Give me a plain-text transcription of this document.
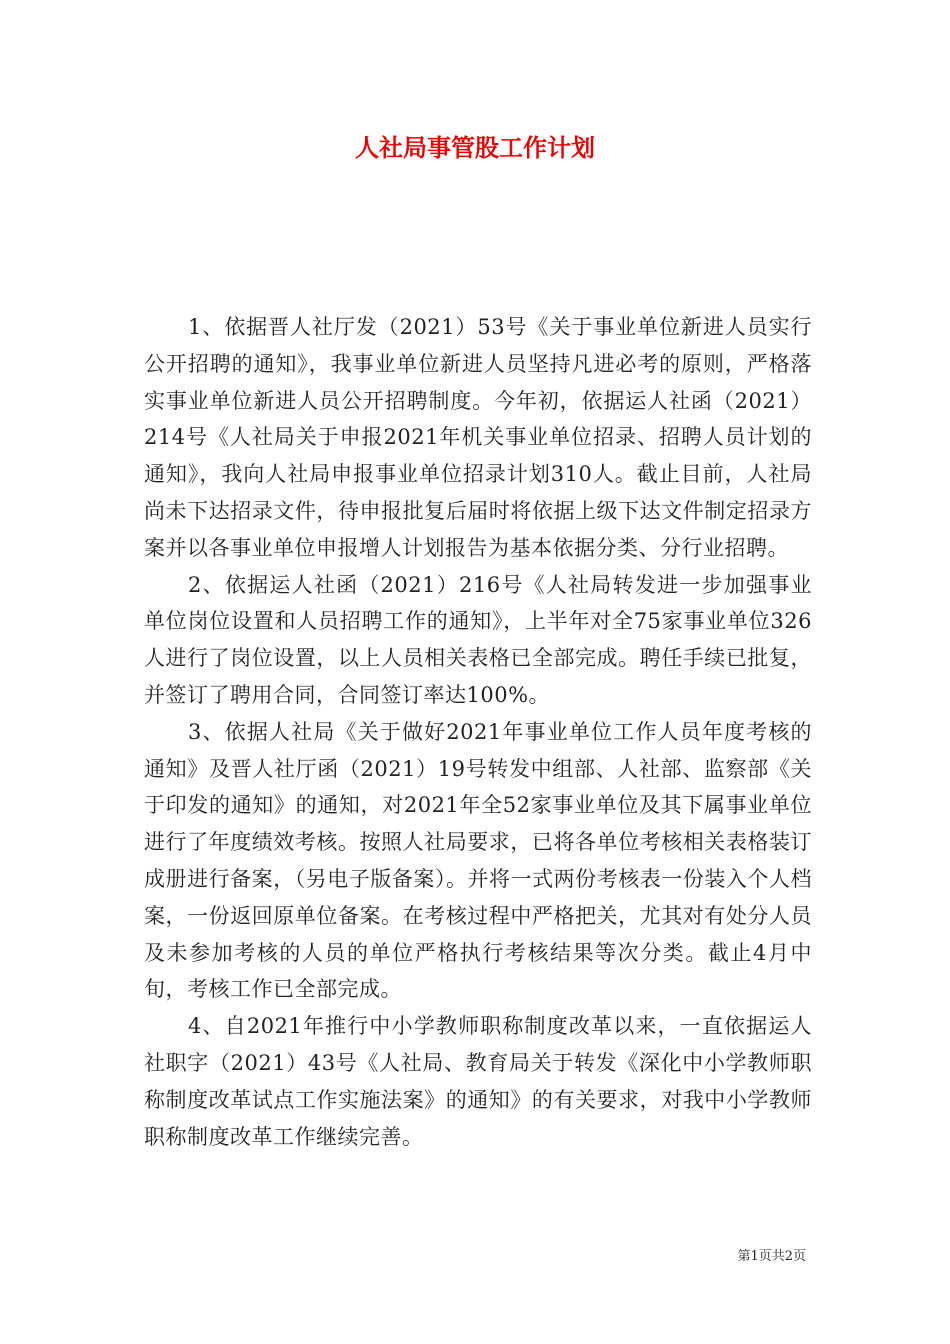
人社局事管股工作计划

1、依据晋人社厅发（2021）53号《关于事业单位新进人员实行公开招聘的通知》，我事业单位新进人员坚持凡进必考的原则，严格落实事业单位新进人员公开招聘制度。今年初，依据运人社函（2021）214号《人社局关于申报2021年机关事业单位招录、招聘人员计划的通知》，我向人社局申报事业单位招录计划310人。截止目前，人社局尚未下达招录文件，待申报批复后届时将依据上级下达文件制定招录方案并以各事业单位申报增人计划报告为基本依据分类、分行业招聘。

2、依据运人社函（2021）216号《人社局转发进一步加强事业单位岗位设置和人员招聘工作的通知》，上半年对全75家事业单位326人进行了岗位设置，以上人员相关表格已全部完成。聘任手续已批复，并签订了聘用合同，合同签订率达100%。

3、依据人社局《关于做好2021年事业单位工作人员年度考核的通知》及晋人社厅函（2021）19号转发中组部、人社部、监察部《关于印发的通知》的通知，对2021年全52家事业单位及其下属事业单位进行了年度绩效考核。按照人社局要求，已将各单位考核相关表格装订成册进行备案，（另电子版备案）。并将一式两份考核表一份装入个人档案，一份返回原单位备案。在考核过程中严格把关，尤其对有处分人员及未参加考核的人员的单位严格执行考核结果等次分类。截止4月中旬，考核工作已全部完成。

4、自2021年推行中小学教师职称制度改革以来，一直依据运人社职字（2021）43号《人社局、教育局关于转发《深化中小学教师职称制度改革试点工作实施法案》的通知》的有关要求，对我中小学教师职称制度改革工作继续完善。

第1页共2页
